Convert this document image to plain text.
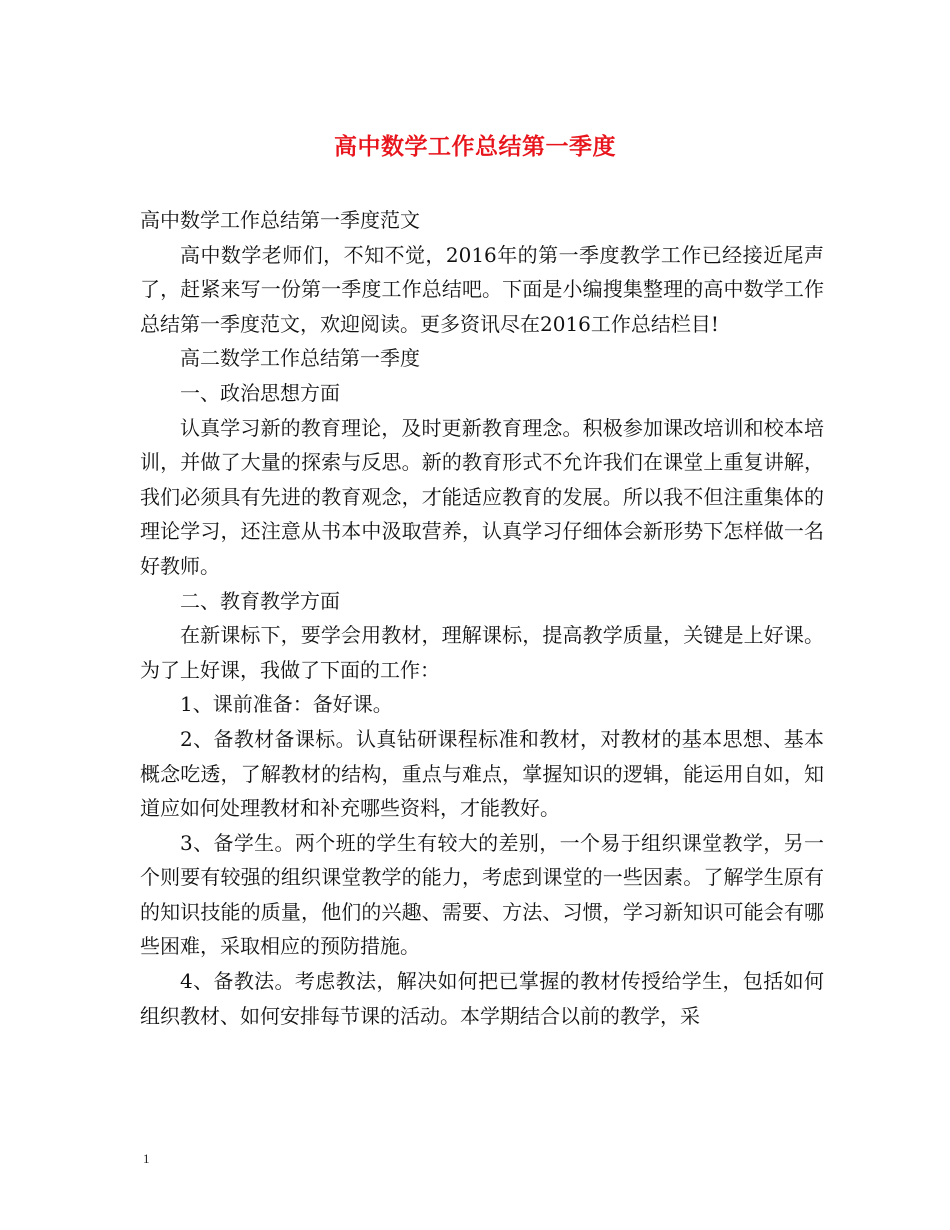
高中数学工作总结第一季度

高中数学工作总结第一季度范文

高中数学老师们，不知不觉，2016年的第一季度教学工作已经接近尾声了，赶紧来写一份第一季度工作总结吧。下面是小编搜集整理的高中数学工作总结第一季度范文，欢迎阅读。更多资讯尽在2016工作总结栏目!

高二数学工作总结第一季度

一、政治思想方面

认真学习新的教育理论，及时更新教育理念。积极参加课改培训和校本培训，并做了大量的探索与反思。新的教育形式不允许我们在课堂上重复讲解，我们必须具有先进的教育观念，才能适应教育的发展。所以我不但注重集体的理论学习，还注意从书本中汲取营养，认真学习仔细体会新形势下怎样做一名好教师。

二、教育教学方面

在新课标下，要学会用教材，理解课标，提高教学质量，关键是上好课。为了上好课，我做了下面的工作：

1、课前准备：备好课。

2、备教材备课标。认真钻研课程标准和教材，对教材的基本思想、基本概念吃透，了解教材的结构，重点与难点，掌握知识的逻辑，能运用自如，知道应如何处理教材和补充哪些资料，才能教好。

3、备学生。两个班的学生有较大的差别，一个易于组织课堂教学，另一个则要有较强的组织课堂教学的能力，考虑到课堂的一些因素。了解学生原有的知识技能的质量，他们的兴趣、需要、方法、习惯，学习新知识可能会有哪些困难，采取相应的预防措施。

4、备教法。考虑教法，解决如何把已掌握的教材传授给学生，包括如何组织教材、如何安排每节课的活动。本学期结合以前的教学，采

1
